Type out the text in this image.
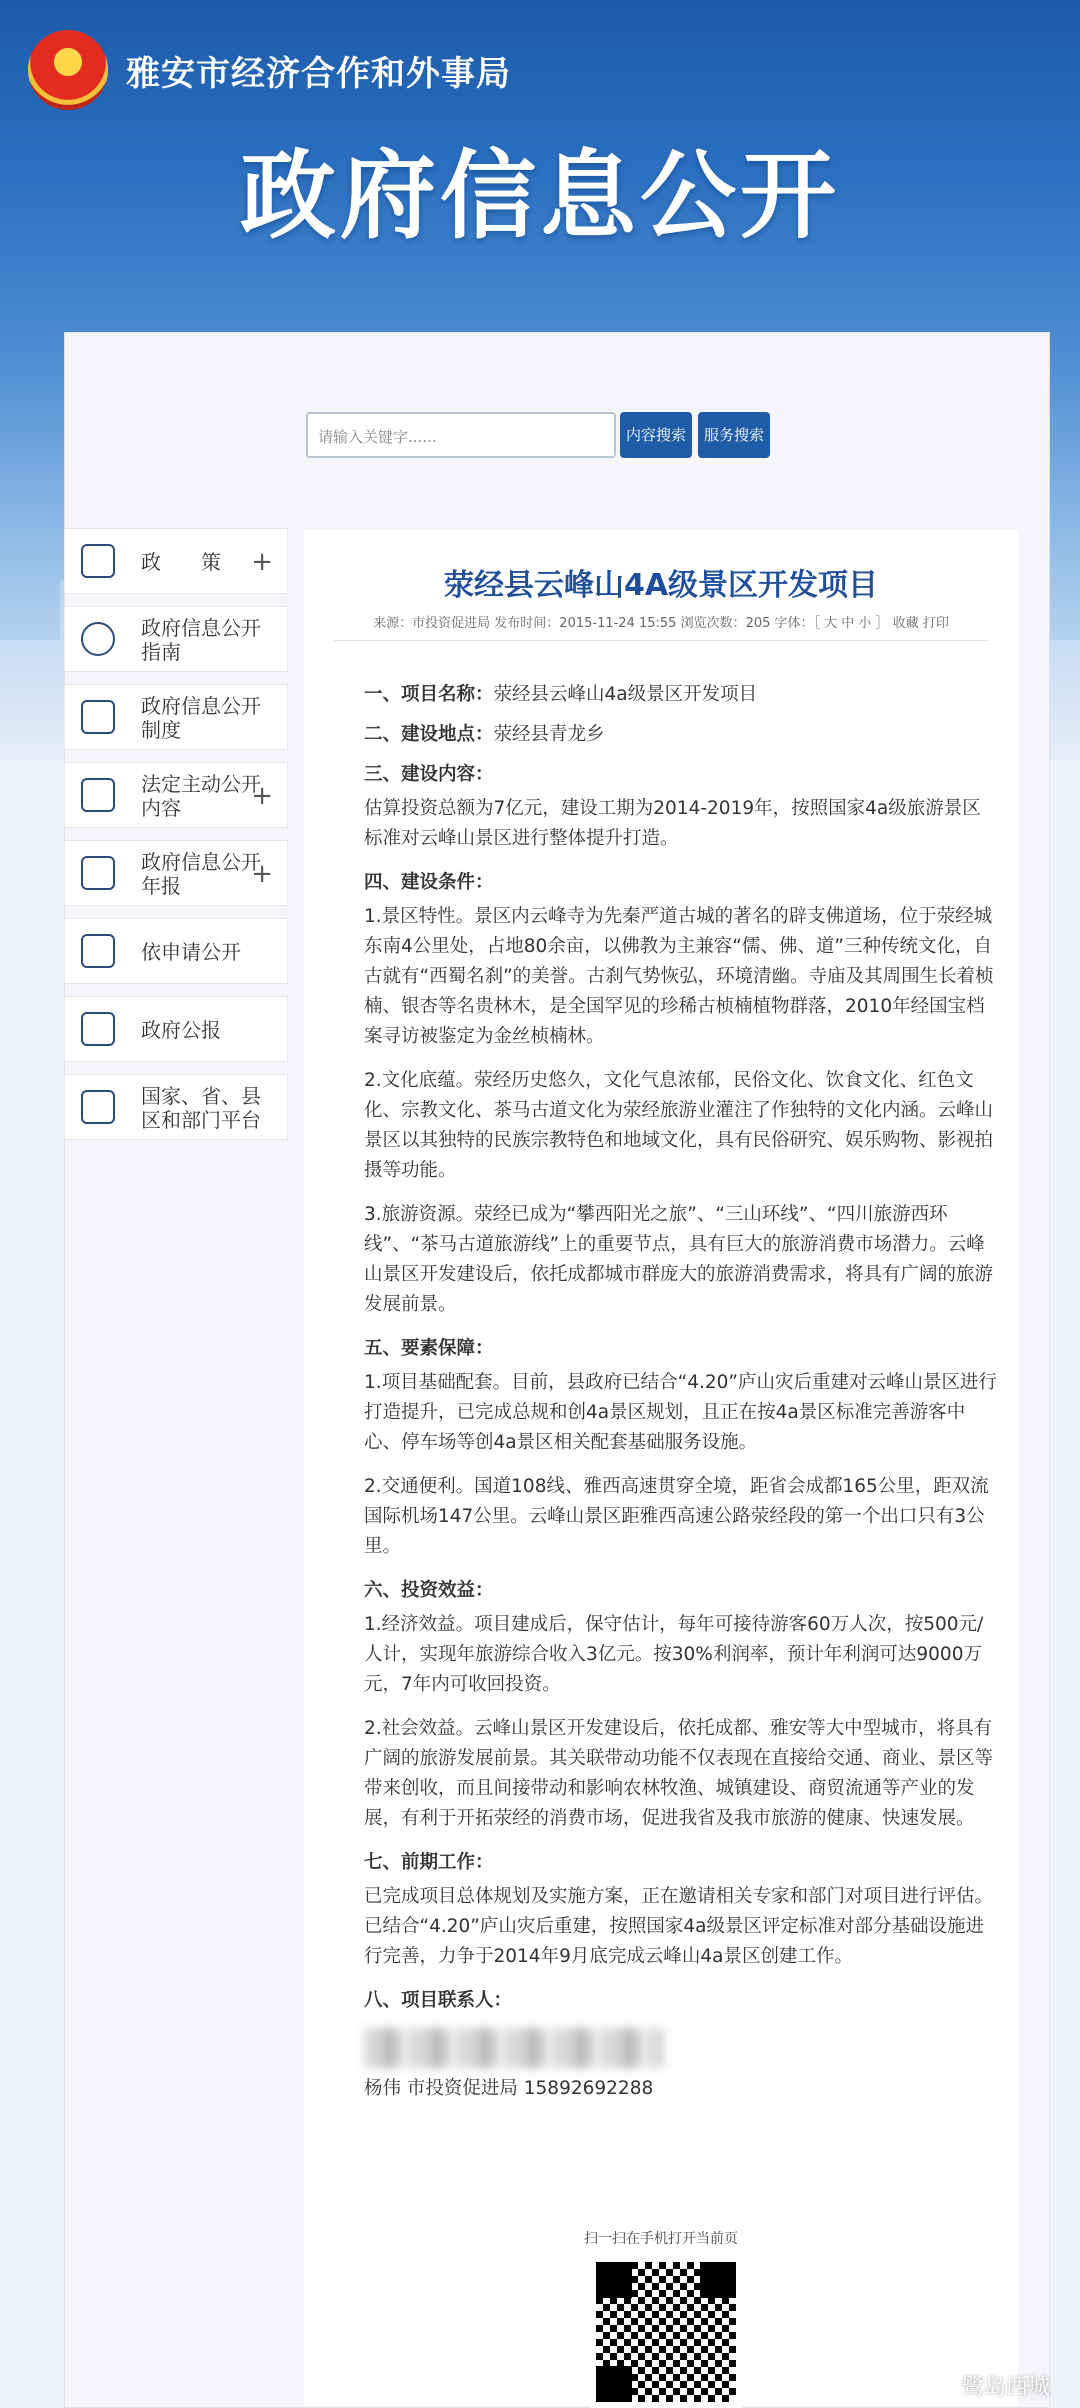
雅安市经济合作和外事局
政府信息公开
请输入关键字......	内容搜索	服务搜索
政　　策	+
政府信息公开指南
政府信息公开制度
法定主动公开内容	+
政府信息公开年报	+
依申请公开
政府公报
国家、省、县区和部门平台
荥经县云峰山4A级景区开发项目
来源：市投资促进局 发布时间：2015-11-24 15:55 浏览次数：205 字体：［ 大 中 小 ］ 收藏 打印
一、项目名称：荥经县云峰山4a级景区开发项目
二、建设地点：荥经县青龙乡
三、建设内容：
估算投资总额为7亿元，建设工期为2014-2019年，按照国家4a级旅游景区标准对云峰山景区进行整体提升打造。
四、建设条件：
1.景区特性。景区内云峰寺为先秦严道古城的著名的辟支佛道场，位于荥经城东南4公里处，占地80余亩，以佛教为主兼容“儒、佛、道”三种传统文化，自古就有“西蜀名刹”的美誉。古刹气势恢弘，环境清幽。寺庙及其周围生长着桢楠、银杏等名贵林木，是全国罕见的珍稀古桢楠植物群落，2010年经国宝档案寻访被鉴定为金丝桢楠林。
2.文化底蕴。荥经历史悠久，文化气息浓郁，民俗文化、饮食文化、红色文化、宗教文化、茶马古道文化为荥经旅游业灌注了作独特的文化内涵。云峰山景区以其独特的民族宗教特色和地域文化，具有民俗研究、娱乐购物、影视拍摄等功能。
3.旅游资源。荥经已成为“攀西阳光之旅”、“三山环线”、“四川旅游西环线”、“茶马古道旅游线”上的重要节点，具有巨大的旅游消费市场潜力。云峰山景区开发建设后，依托成都城市群庞大的旅游消费需求，将具有广阔的旅游发展前景。
五、要素保障：
1.项目基础配套。目前，县政府已结合“4.20”庐山灾后重建对云峰山景区进行打造提升，已完成总规和创4a景区规划，且正在按4a景区标准完善游客中心、停车场等创4a景区相关配套基础服务设施。
2.交通便利。国道108线、雅西高速贯穿全境，距省会成都165公里，距双流国际机场147公里。云峰山景区距雅西高速公路荥经段的第一个出口只有3公里。
六、投资效益：
1.经济效益。项目建成后，保守估计，每年可接待游客60万人次，按500元/人计，实现年旅游综合收入3亿元。按30%利润率，预计年利润可达9000万元，7年内可收回投资。
2.社会效益。云峰山景区开发建设后，依托成都、雅安等大中型城市，将具有广阔的旅游发展前景。其关联带动功能不仅表现在直接给交通、商业、景区等带来创收，而且间接带动和影响农林牧渔、城镇建设、商贸流通等产业的发展，有利于开拓荥经的消费市场，促进我省及我市旅游的健康、快速发展。
七、前期工作：
已完成项目总体规划及实施方案，正在邀请相关专家和部门对项目进行评估。已结合“4.20”庐山灾后重建，按照国家4a级景区评定标准对部分基础设施进行完善，力争于2014年9月底完成云峰山4a景区创建工作。
八、项目联系人：
杨伟 市投资促进局 15892692288
扫一扫在手机打开当前页
鹭岛西城
